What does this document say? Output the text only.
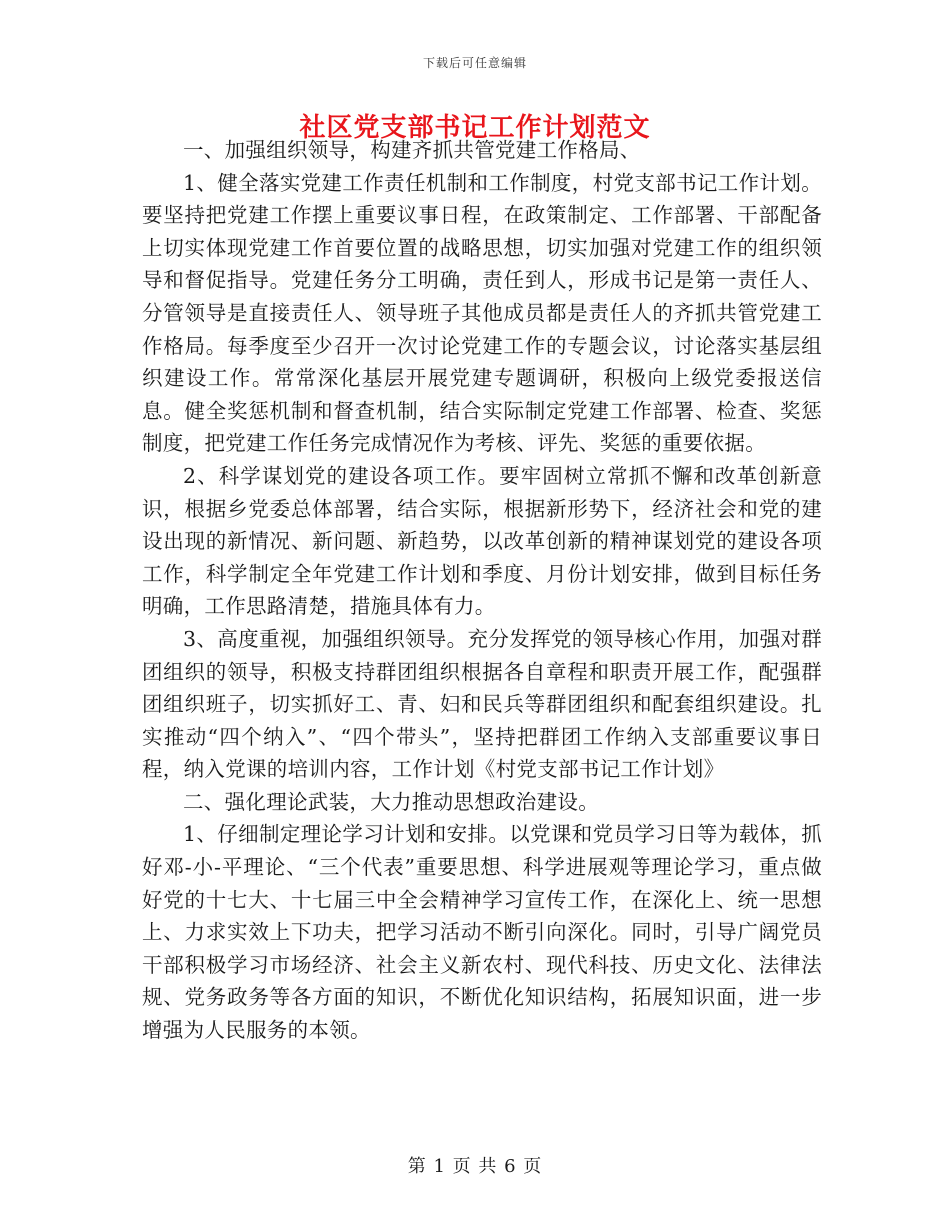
下载后可任意编辑
社区党支部书记工作计划范文

一、加强组织领导，构建齐抓共管党建工作格局、

1、健全落实党建工作责任机制和工作制度，村党支部书记工作计划。要坚持把党建工作摆上重要议事日程，在政策制定、工作部署、干部配备上切实体现党建工作首要位置的战略思想，切实加强对党建工作的组织领导和督促指导。党建任务分工明确，责任到人，形成书记是第一责任人、分管领导是直接责任人、领导班子其他成员都是责任人的齐抓共管党建工作格局。每季度至少召开一次讨论党建工作的专题会议，讨论落实基层组织建设工作。常常深化基层开展党建专题调研，积极向上级党委报送信息。健全奖惩机制和督查机制，结合实际制定党建工作部署、检查、奖惩制度，把党建工作任务完成情况作为考核、评先、奖惩的重要依据。

2、科学谋划党的建设各项工作。要牢固树立常抓不懈和改革创新意识，根据乡党委总体部署，结合实际，根据新形势下，经济社会和党的建设出现的新情况、新问题、新趋势，以改革创新的精神谋划党的建设各项工作，科学制定全年党建工作计划和季度、月份计划安排，做到目标任务明确，工作思路清楚，措施具体有力。

3、高度重视，加强组织领导。充分发挥党的领导核心作用，加强对群团组织的领导，积极支持群团组织根据各自章程和职责开展工作，配强群团组织班子，切实抓好工、青、妇和民兵等群团组织和配套组织建设。扎实推动“四个纳入”、“四个带头”，坚持把群团工作纳入支部重要议事日程，纳入党课的培训内容，工作计划《村党支部书记工作计划》

二、强化理论武装，大力推动思想政治建设。

1、仔细制定理论学习计划和安排。以党课和党员学习日等为载体，抓好邓-小-平理论、“三个代表”重要思想、科学进展观等理论学习，重点做好党的十七大、十七届三中全会精神学习宣传工作，在深化上、统一思想上、力求实效上下功夫，把学习活动不断引向深化。同时，引导广阔党员干部积极学习市场经济、社会主义新农村、现代科技、历史文化、法律法规、党务政务等各方面的知识，不断优化知识结构，拓展知识面，进一步增强为人民服务的本领。

第 1 页 共 6 页
